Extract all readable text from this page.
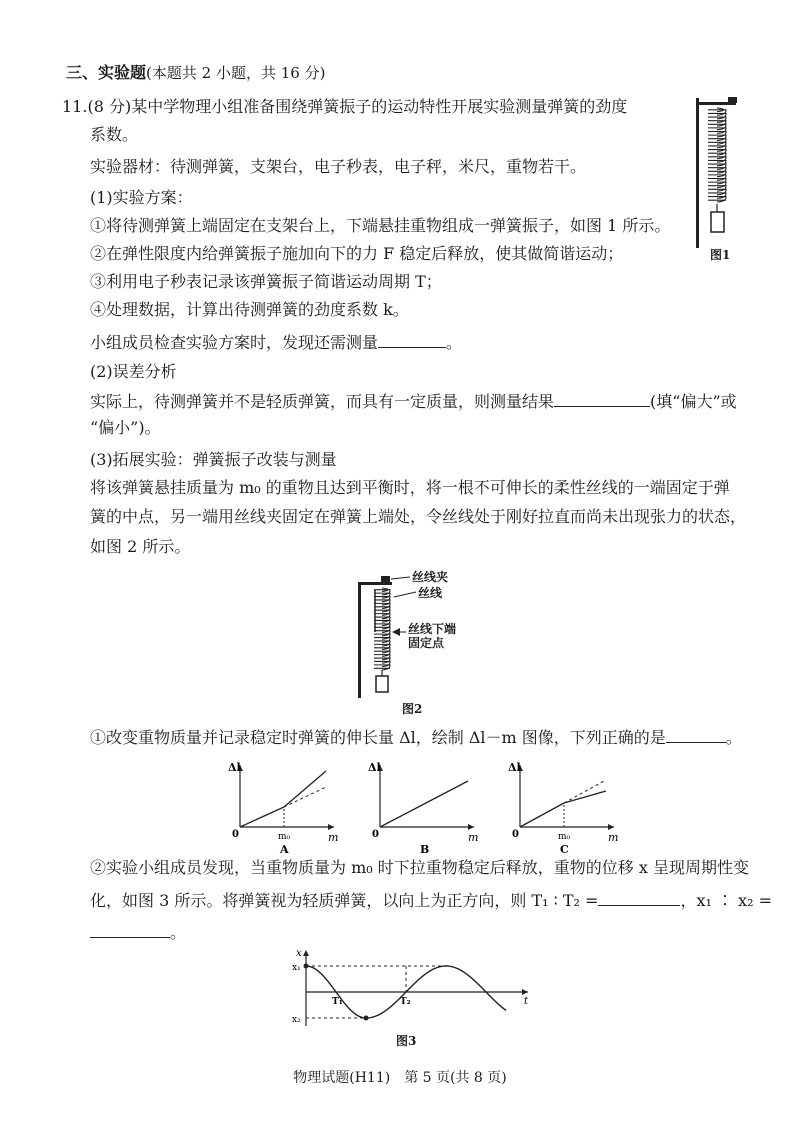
三、实验题(本题共 2 小题，共 16 分)
11.(8 分)某中学物理小组准备围绕弹簧振子的运动特性开展实验测量弹簧的劲度
系数。
实验器材：待测弹簧，支架台，电子秒表，电子秤，米尺，重物若干。
(1)实验方案：
①将待测弹簧上端固定在支架台上，下端悬挂重物组成一弹簧振子，如图 1 所示。
②在弹性限度内给弹簧振子施加向下的力 F 稳定后释放，使其做简谐运动；
③利用电子秒表记录该弹簧振子简谐运动周期 T；
④处理数据，计算出待测弹簧的劲度系数 k。
小组成员检查实验方案时，发现还需测量	。
(2)误差分析
实际上，待测弹簧并不是轻质弹簧，而具有一定质量，则测量结果	(填“偏大”或
“偏小”)。
(3)拓展实验：弹簧振子改装与测量
将该弹簧悬挂质量为 m₀ 的重物且达到平衡时，将一根不可伸长的柔性丝线的一端固定于弹
簧的中点，另一端用丝线夹固定在弹簧上端处，令丝线处于刚好拉直而尚未出现张力的状态，
如图 2 所示。
①改变重物质量并记录稳定时弹簧的伸长量 Δl，绘制 Δl－m 图像，下列正确的是	。
②实验小组成员发现，当重物质量为 m₀ 时下拉重物稳定后释放，重物的位移 x 呈现周期性变
化，如图 3 所示。将弹簧视为轻质弹簧，以向上为正方向，则 T₁ ∶ T₂ =	，x₁ ∶ x₂ =
。
图1
丝线夹
丝线
丝线下端
固定点
图2
Δl
m
0
A
m₀
Δl
m
0
B
Δl
m
0
C
m₀
x
t
x₁
x₂
T₁	T₂
图3
物理试题(H11)　第 5 页(共 8 页)
